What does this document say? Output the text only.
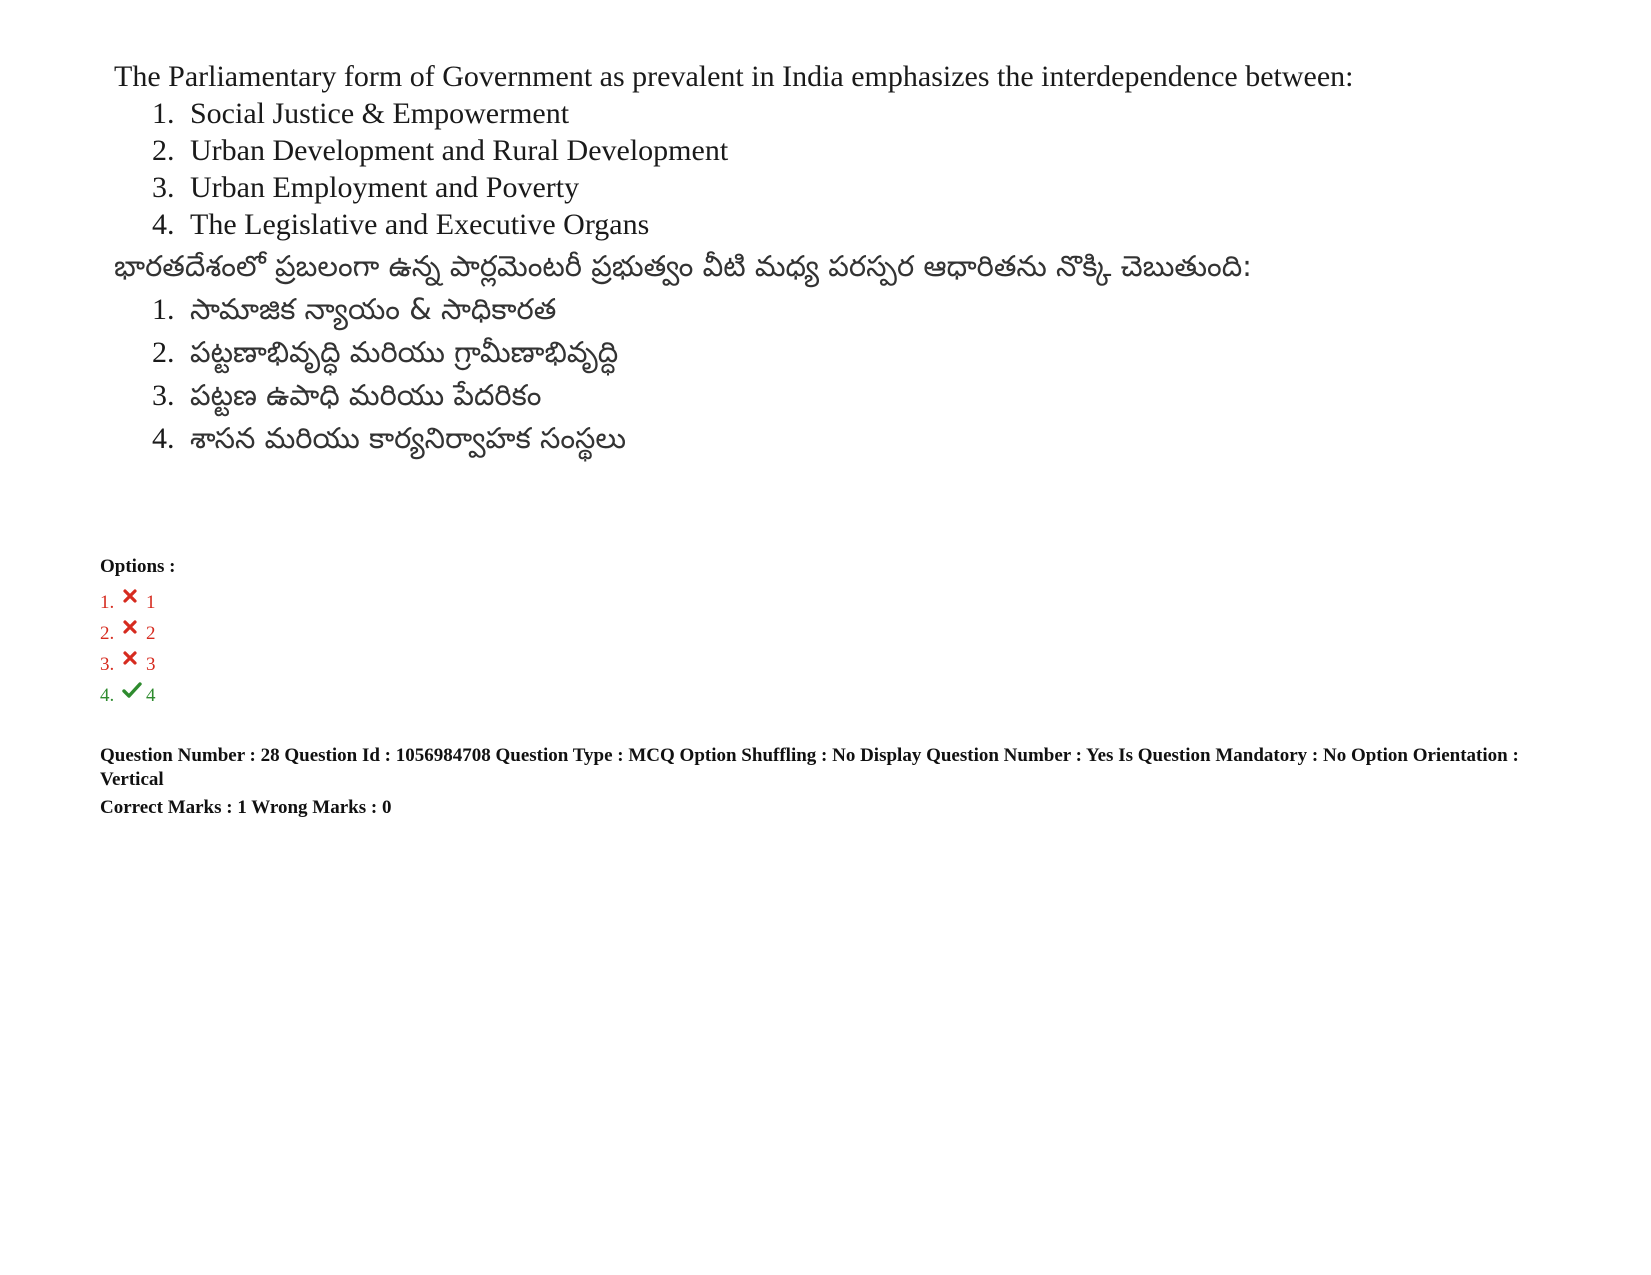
The Parliamentary form of Government as prevalent in India emphasizes the interdependence between:

1. Social Justice & Empowerment
2. Urban Development and Rural Development
3. Urban Employment and Poverty
4. The Legislative and Executive Organs

భారతదేశంలో ప్రబలంగా ఉన్న పార్లమెంటరీ ప్రభుత్వం వీటి మధ్య పరస్పర ఆధారితను నొక్కి చెబుతుంది:

1. సామాజిక న్యాయం & సాధికారత
2. పట్టణాభివృద్ధి మరియు గ్రామీణాభివృద్ధి
3. పట్టణ ఉపాధి మరియు పేదరికం
4. శాసన మరియు కార్యనిర్వాహక సంస్థలు
Options :
1.	1
2.	2
3.	3
4.	4
Question Number : 28 Question Id : 1056984708 Question Type : MCQ Option Shuffling : No Display Question Number : Yes Is Question Mandatory : No Option Orientation : Vertical
Correct Marks : 1 Wrong Marks : 0
